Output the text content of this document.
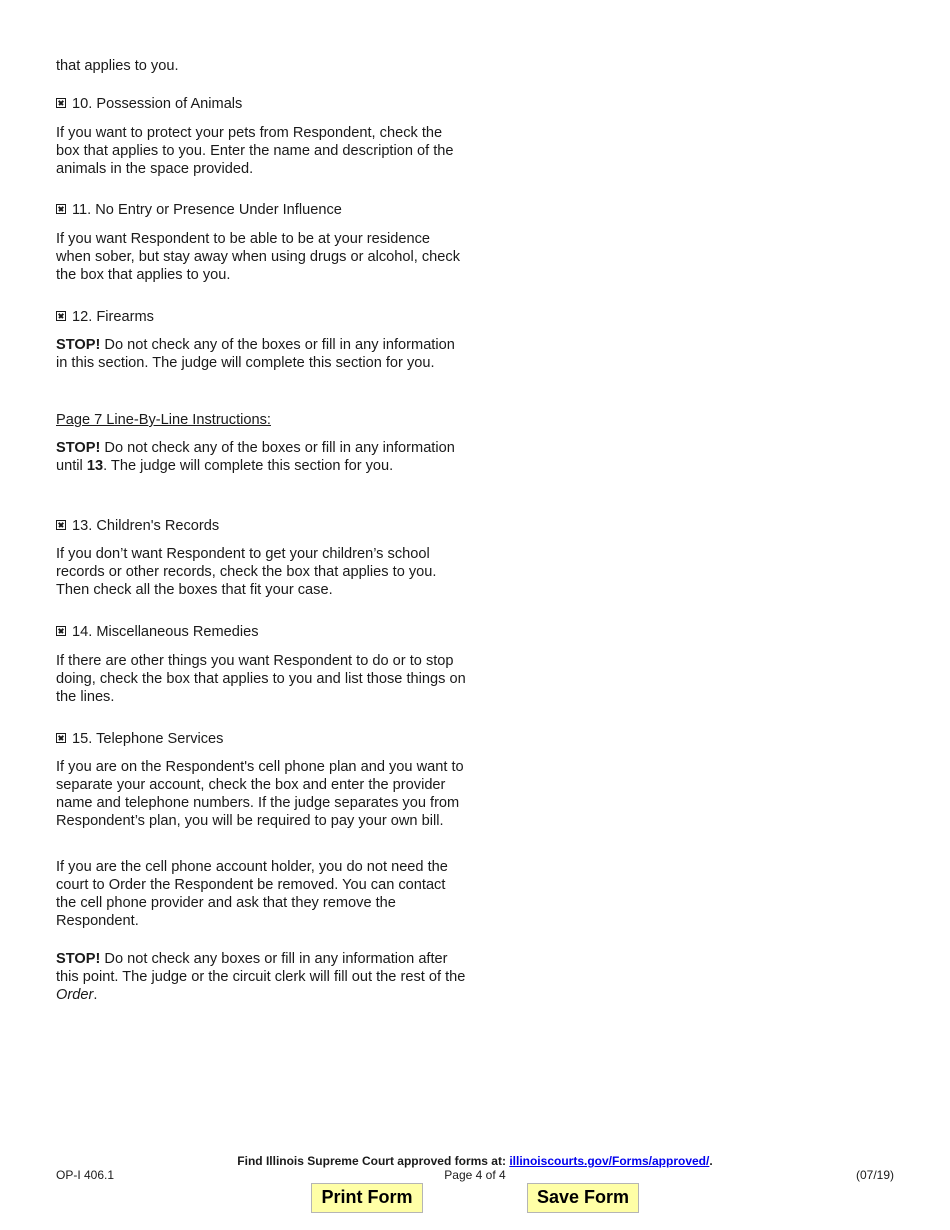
that applies to you.

10. Possession of Animals

If you want to protect your pets from Respondent, check the box that applies to you. Enter the name and description of the animals in the space provided.

11. No Entry or Presence Under Influence

If you want Respondent to be able to be at your residence when sober, but stay away when using drugs or alcohol, check the box that applies to you.

12. Firearms

STOP! Do not check any of the boxes or fill in any information in this section. The judge will complete this section for you.

Page 7 Line-By-Line Instructions:

STOP! Do not check any of the boxes or fill in any information until 13. The judge will complete this section for you.

13. Children's Records

If you don’t want Respondent to get your children’s school records or other records, check the box that applies to you. Then check all the boxes that fit your case.

14. Miscellaneous Remedies

If there are other things you want Respondent to do or to stop doing, check the box that applies to you and list those things on the lines.

15. Telephone Services

If you are on the Respondent's cell phone plan and you want to separate your account, check the box and enter the provider name and telephone numbers. If the judge separates you from Respondent’s plan, you will be required to pay your own bill.

If you are the cell phone account holder, you do not need the court to Order the Respondent be removed. You can contact the cell phone provider and ask that they remove the Respondent.

STOP! Do not check any boxes or fill in any information after this point. The judge or the circuit clerk will fill out the rest of the Order.

Find Illinois Supreme Court approved forms at: illinoiscourts.gov/Forms/approved/.
OP-I 406.1	Page 4 of 4	(07/19)
Print Form	Save Form
